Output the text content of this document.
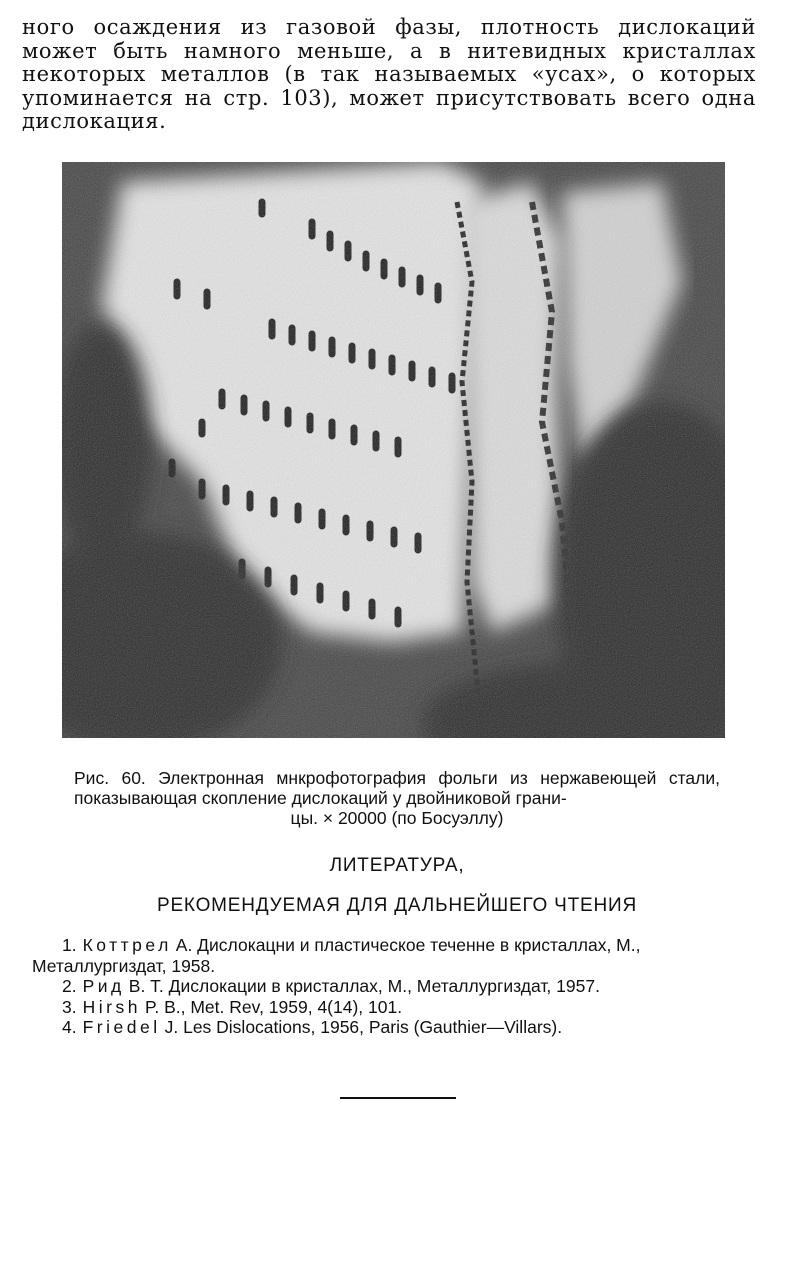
ного осаждения из газовой фазы, плотность дислокаций может быть намного меньше, а в нитевидных кристаллах некоторых металлов (в так называемых «усах», о которых упоминается на стр. 103), может присутствовать всего одна дислокация.

Рис. 60. Электронная мнкрофотография фольги из нержавеющей стали, показывающая скопление дислокаций у двойниковой грани-
цы. × 20000 (по Босуэллу)

ЛИТЕРАТУРА,

РЕКОМЕНДУЕМАЯ ДЛЯ ДАЛЬНЕЙШЕГО ЧТЕНИЯ

1. Коттрел А. Дислокацни и пластическое теченне в кристаллах, М., Металлургиздат, 1958.
2. Рид В. Т. Дислокации в кристаллах, М., Металлургиздат, 1957.
3. Hirsh P. B., Met. Rev, 1959, 4(14), 101.
4. Friedel J. Les Dislocations, 1956, Paris (Gauthier—Villars).
